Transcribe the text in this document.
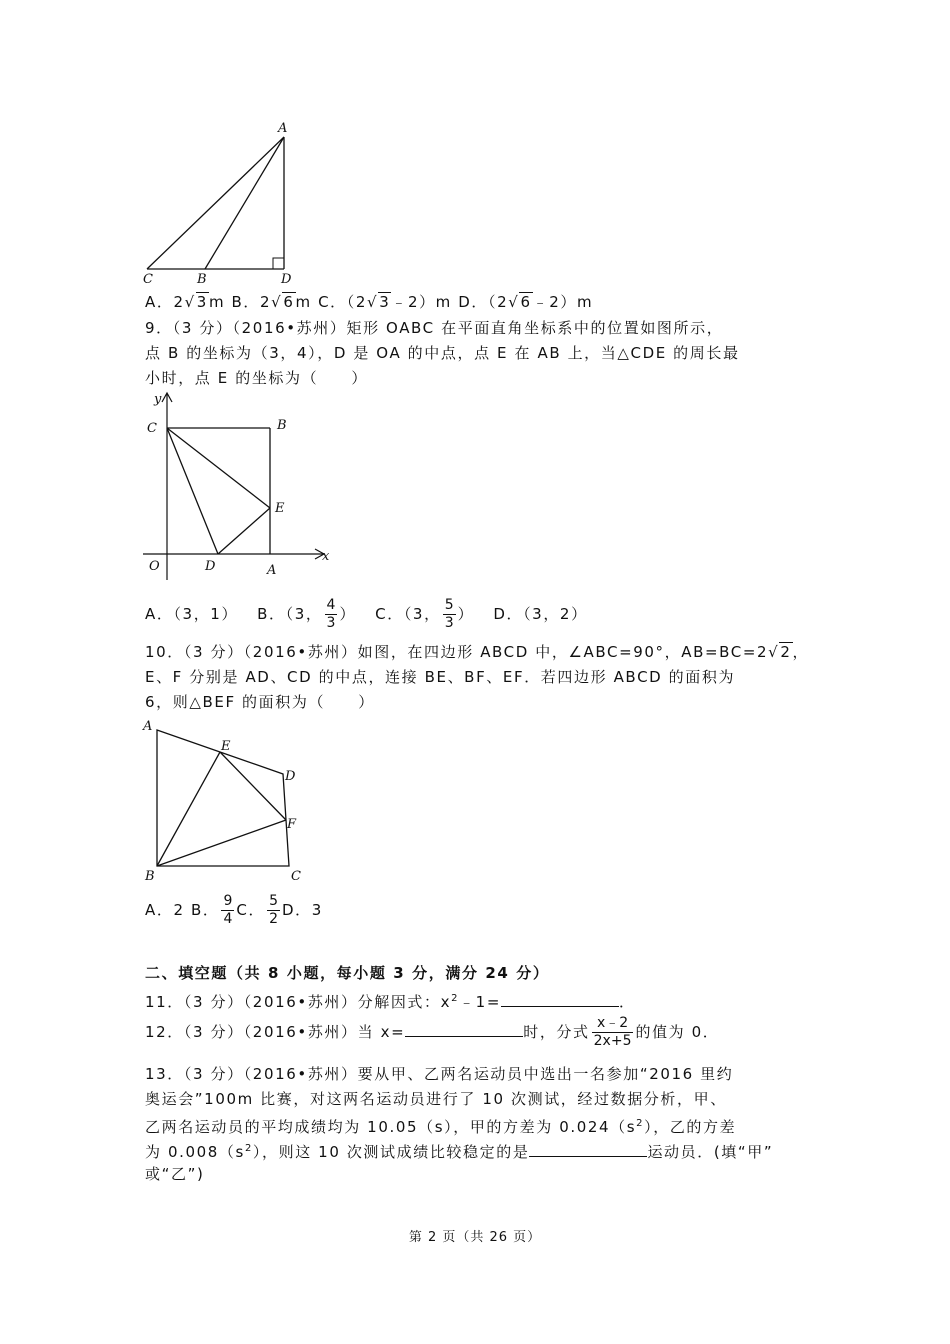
A
C	B	D
A．2√3m B．2√6m C．（2√3﹣2）m D．（2√6﹣2）m
9．（3 分）（2016•苏州）矩形 OABC 在平面直角坐标系中的位置如图所示，
点 B 的坐标为（3，4），D 是 OA 的中点，点 E 在 AB 上，当△CDE 的周长最
小时，点 E 的坐标为（　　）
y
x
O
C	B
E
D	A
A．（3，1） B．（3， $\frac{4}{3}$ ） C．（3， $\frac{5}{3}$ ） D．（3，2）
10．（3 分）（2016•苏州）如图，在四边形 ABCD 中，∠ABC=90°，AB=BC=2√2，
E、F 分别是 AD、CD 的中点，连接 BE、BF、EF．若四边形 ABCD 的面积为
6，则△BEF 的面积为（　　）
A
E
D
F
B	C
A．2 B． $\frac{9}{4}$ C． $\frac{5}{2}$ D．3
二、填空题（共 8 小题，每小题 3 分，满分 24 分）
11．（3 分）（2016•苏州）分解因式：$x^2﹣1=$	．
12．（3 分）（2016•苏州）当 x=	时，分式 $\frac{x﹣2}{2x+5}$ 的值为 0．
13．（3 分）（2016•苏州）要从甲、乙两名运动员中选出一名参加“2016 里约
奥运会”100m 比赛，对这两名运动员进行了 10 次测试，经过数据分析，甲、
乙两名运动员的平均成绩均为 10.05（s），甲的方差为 $0.024(s^2)$，乙的方差
为 $0.008(s^2)$，则这 10 次测试成绩比较稳定的是	运动员．(填“甲”
或“乙”)
第 2 页（共 26 页）
